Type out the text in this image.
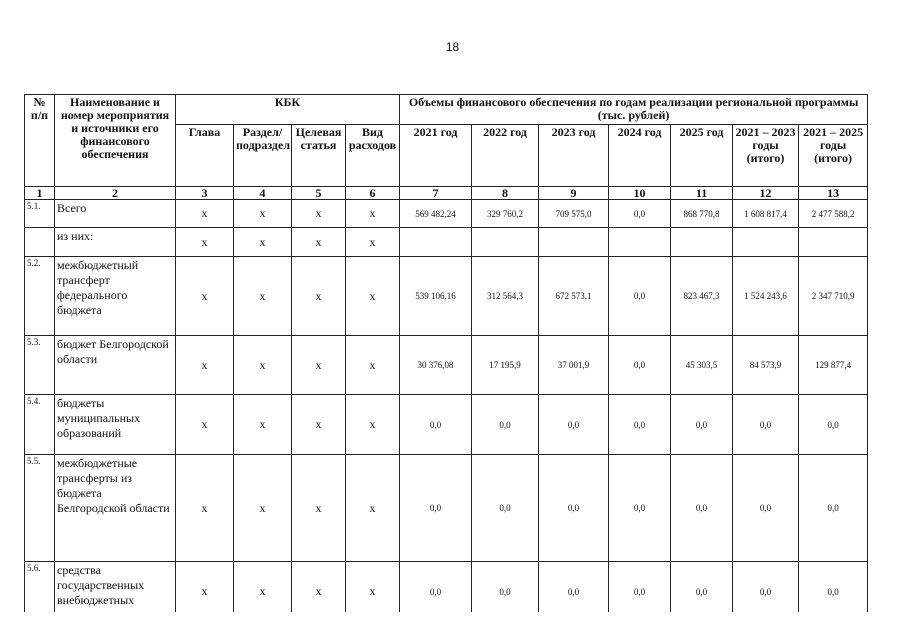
18
№ п/п	Наименование и номер мероприятия и источники его финансового обеспечения	КБК				Объемы финансового обеспечения по годам реализации региональной программы (тыс. рублей)						
		Глава	Раздел/ подраздел	Целевая статья	Вид расходов	2021 год	2022 год	2023 год	2024 год	2025 год	2021 – 2023 годы (итого)	2021 – 2025 годы (итого)
1	2	3	4	5	6	7	8	9	10	11	12	13
5.1.	Всего	х	х	х	х	569 482,24	329 760,2	709 575,0	0,0	868 770,8	1 608 817,4	2 477 588,2
	из них:	х	х	х	х							
5.2.	межбюджетный трансферт федерального бюджета	х	х	х	х	539 106,16	312 564,3	672 573,1	0,0	823 467,3	1 524 243,6	2 347 710,9
5.3.	бюджет Белгородской области	х	х	х	х	30 376,08	17 195,9	37 001,9	0,0	45 303,5	84 573,9	129 877,4
5.4.	бюджеты муниципальных образований	х	х	х	х	0,0	0,0	0,0	0,0	0,0	0,0	0,0
5.5.	межбюджетные трансферты из бюджета Белгородской области	х	х	х	х	0,0	0,0	0,0	0,0	0,0	0,0	0,0
5.6.	средства государственных внебюджетных	х	х	х	х	0,0	0,0	0,0	0,0	0,0	0,0	0,0
